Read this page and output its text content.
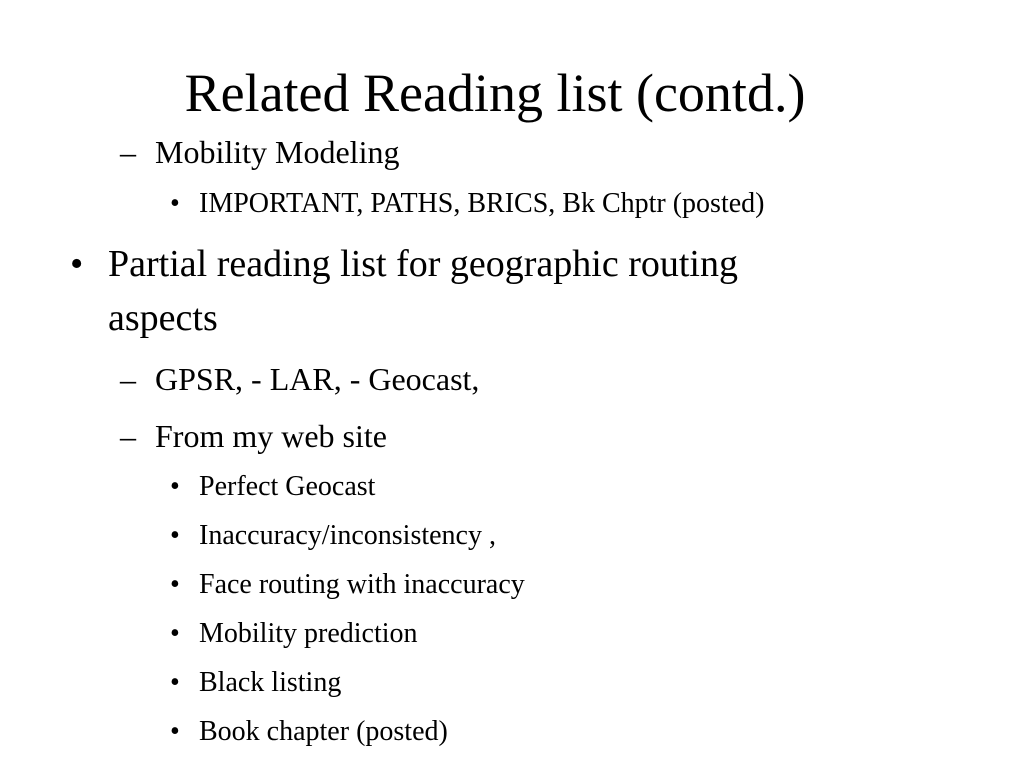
Related Reading list (contd.)
– Mobility Modeling
• IMPORTANT, PATHS, BRICS, Bk Chptr (posted)
• Partial reading list for geographic routing
aspects
– GPSR, - LAR, - Geocast,
– From my web site
• Perfect Geocast
• Inaccuracy/inconsistency ,
• Face routing with inaccuracy
• Mobility prediction
• Black listing
• Book chapter (posted)
